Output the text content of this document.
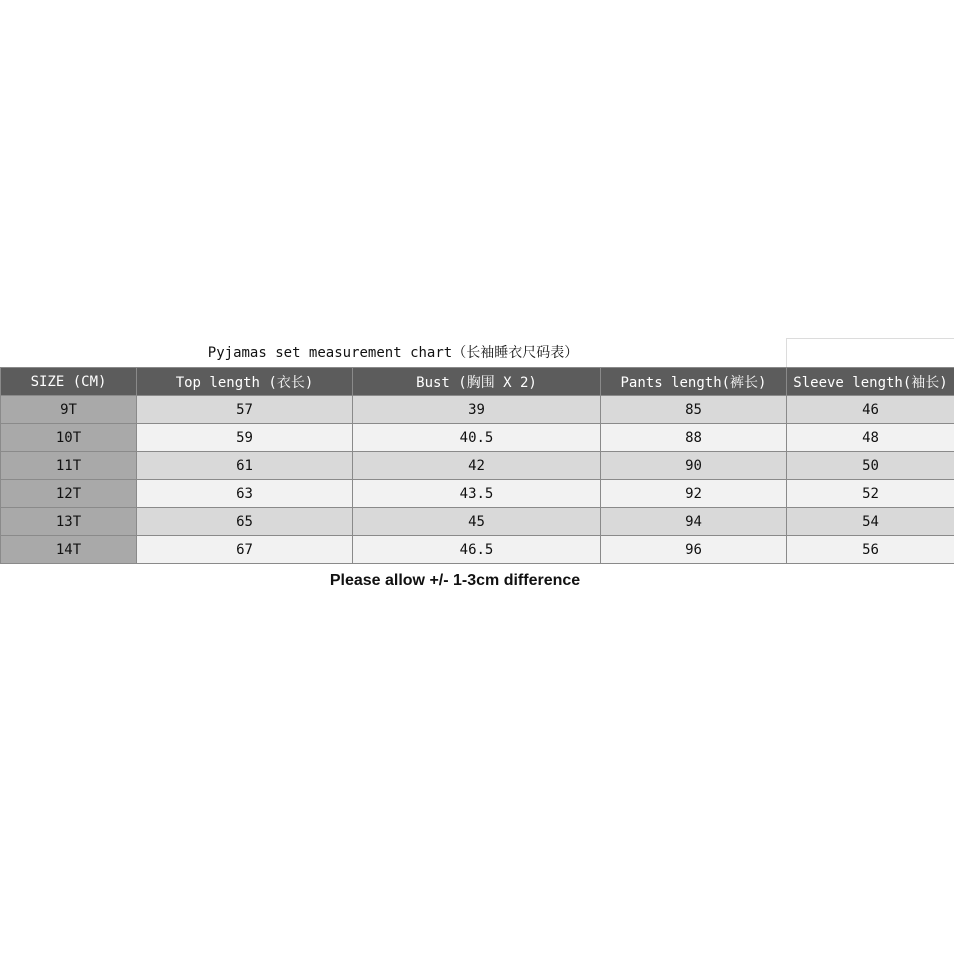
Pyjamas set measurement chart（长袖睡衣尺码表）
SIZE (CM)	Top length (衣长)	Bust (胸围 X 2)	Pants length(裤长)	Sleeve length(袖长)
9T	57	39	85	46
10T	59	40.5	88	48
11T	61	42	90	50
12T	63	43.5	92	52
13T	65	45	94	54
14T	67	46.5	96	56
Please allow +/- 1-3cm difference
